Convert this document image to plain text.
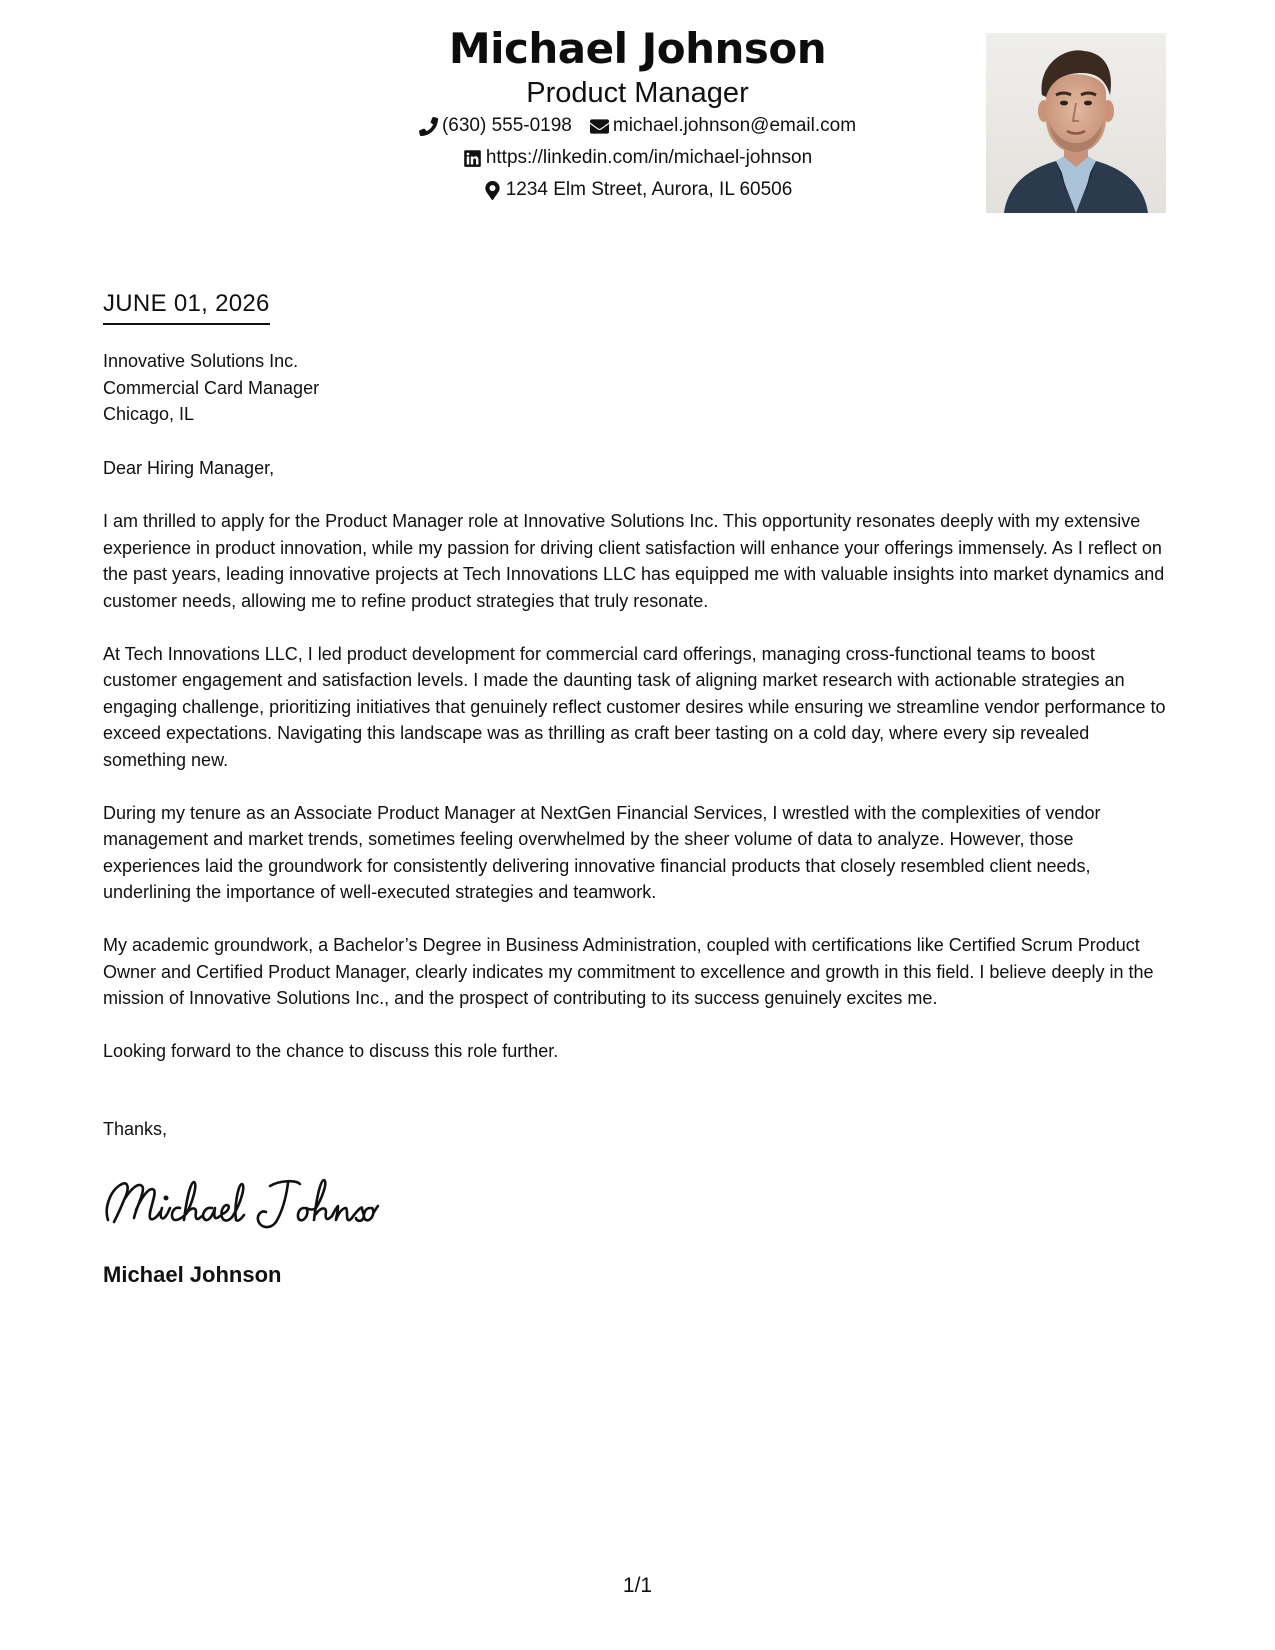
Michael Johnson
Product Manager
(630) 555-0198 michael.johnson@email.com
https://linkedin.com/in/michael-johnson
1234 Elm Street, Aurora, IL 60506
JUNE 01, 2026
Innovative Solutions Inc.
Commercial Card Manager
Chicago, IL

Dear Hiring Manager,

I am thrilled to apply for the Product Manager role at Innovative Solutions Inc. This opportunity resonates deeply with my extensive experience in product innovation, while my passion for driving client satisfaction will enhance your offerings immensely. As I reflect on the past years, leading innovative projects at Tech Innovations LLC has equipped me with valuable insights into market dynamics and customer needs, allowing me to refine product strategies that truly resonate.

At Tech Innovations LLC, I led product development for commercial card offerings, managing cross-functional teams to boost customer engagement and satisfaction levels. I made the daunting task of aligning market research with actionable strategies an engaging challenge, prioritizing initiatives that genuinely reflect customer desires while ensuring we streamline vendor performance to exceed expectations. Navigating this landscape was as thrilling as craft beer tasting on a cold day, where every sip revealed something new.

During my tenure as an Associate Product Manager at NextGen Financial Services, I wrestled with the complexities of vendor management and market trends, sometimes feeling overwhelmed by the sheer volume of data to analyze. However, those experiences laid the groundwork for consistently delivering innovative financial products that closely resembled client needs, underlining the importance of well-executed strategies and teamwork.

My academic groundwork, a Bachelor’s Degree in Business Administration, coupled with certifications like Certified Scrum Product Owner and Certified Product Manager, clearly indicates my commitment to excellence and growth in this field. I believe deeply in the mission of Innovative Solutions Inc., and the prospect of contributing to its success genuinely excites me.

Looking forward to the chance to discuss this role further.

Thanks,
Michael Johnson
1/1
